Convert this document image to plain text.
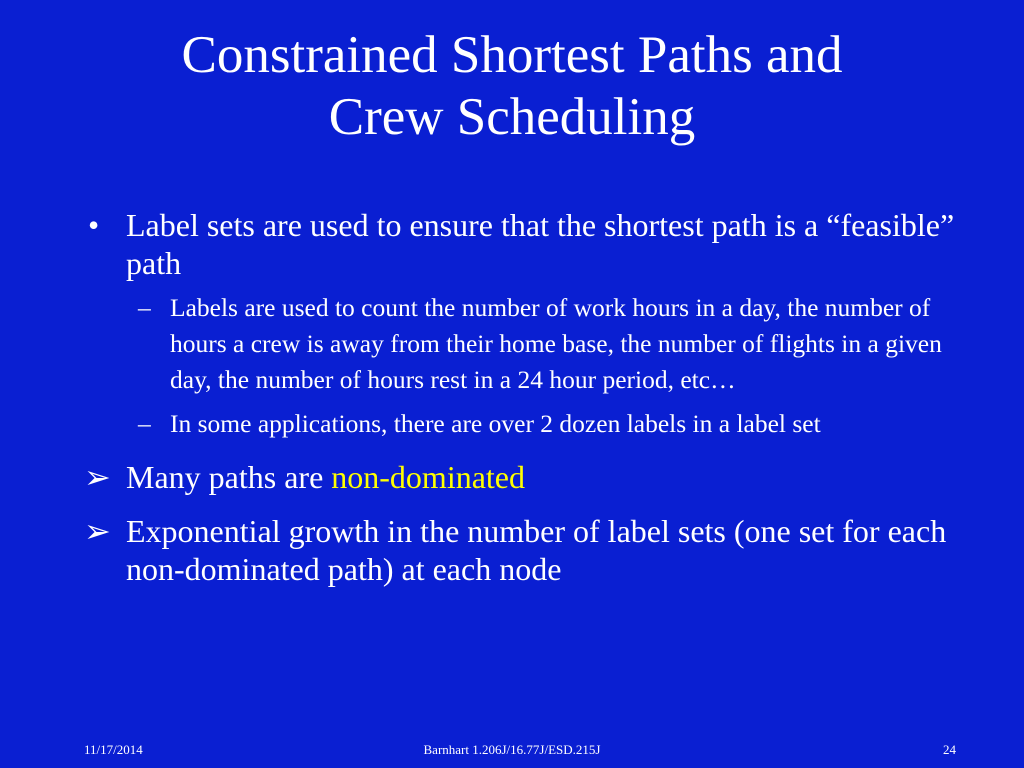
Constrained Shortest Paths and
Crew Scheduling
• Label sets are used to ensure that the shortest path is a “feasible” path
– Labels are used to count the number of work hours in a day, the number of hours a crew is away from their home base, the number of flights in a given day, the number of hours rest in a 24 hour period, etc…
– In some applications, there are over 2 dozen labels in a label set
➢ Many paths are non-dominated
➢ Exponential growth in the number of label sets (one set for each non-dominated path) at each node
11/17/2014	Barnhart 1.206J/16.77J/ESD.215J	24
